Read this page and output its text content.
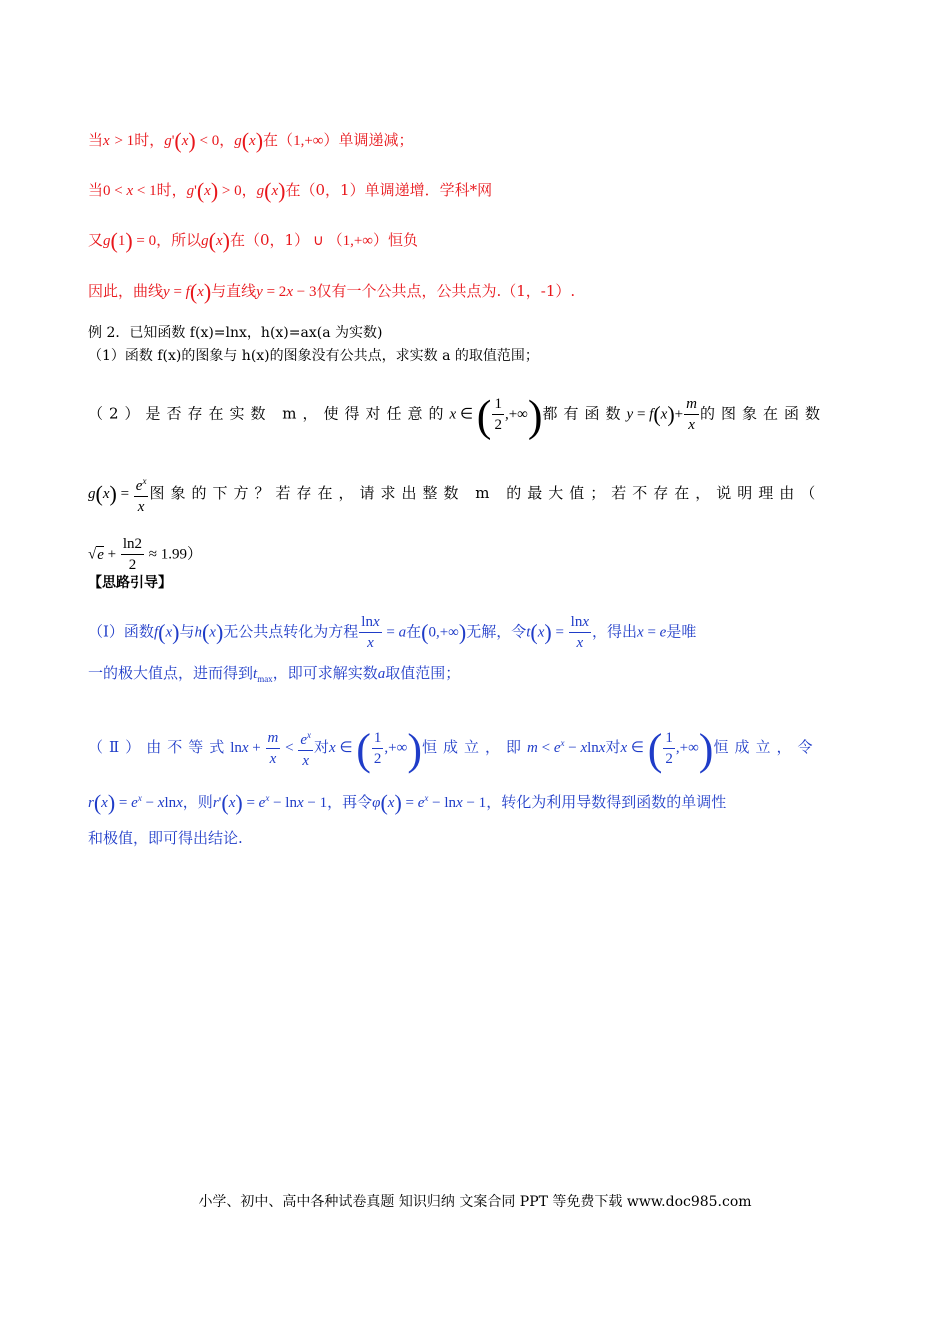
当x > 1时，g'(x) < 0，g(x)在（1,+∞）单调递减；
当0 < x < 1时，g'(x) > 0，g(x)在（0，1）单调递增．学科*网
又g(1) = 0，所以g(x)在（0，1） ∪ （1,+∞）恒负
因此，曲线y = f(x)与直线y = 2x − 3仅有一个公共点，公共点为.（1，-1）.
例 2．已知函数 f(x)=lnx，h(x)=ax(a 为实数)
（1）函数 f(x)的图象与 h(x)的图象没有公共点，求实数 a 的取值范围；
（2）是否存在实数 m，使得对任意的x ∈ ( $\frac{1}{2}$ ,+∞)都有函数$y = f(x)+ \frac{m}{x}$ 的图象在函数
$g(x) = \frac{e^x}{x}$ 图象的下方？若存在，请求出整数 m 的最大值；若不存在，说明理由（
$√e + \frac{\ln 2}{2} \approx 1.99$）
【思路引导】
（Ⅰ）函数f(x)与h(x)无公共点转化为方程 $\frac{\ln x}{x} = a$在(0,+∞)无解，令$t(x) = \frac{\ln x}{x}$ ，得出x = e是唯
一的极大值点，进而得到$t_{max}$，即可求解实数a取值范围；
（Ⅱ）由不等式$\ln x + \frac{m}{x} < \frac{e^x}{x}$ 对x ∈ ( $\frac{1}{2}$ ,+∞)恒成立，即$m < e^x - xlnx$对x ∈ ( $\frac{1}{2}$ ,+∞)恒成立，令
$r(x) = e^x - xlnx$，则$r'(x) = e^x - \ln x - 1$，再令$\varphi(x) = e^x - \ln x - 1$，转化为利用导数得到函数的单调性
和极值，即可得出结论.
小学、初中、高中各种试卷真题 知识归纳 文案合同 PPT 等免费下载 www.doc985.com
